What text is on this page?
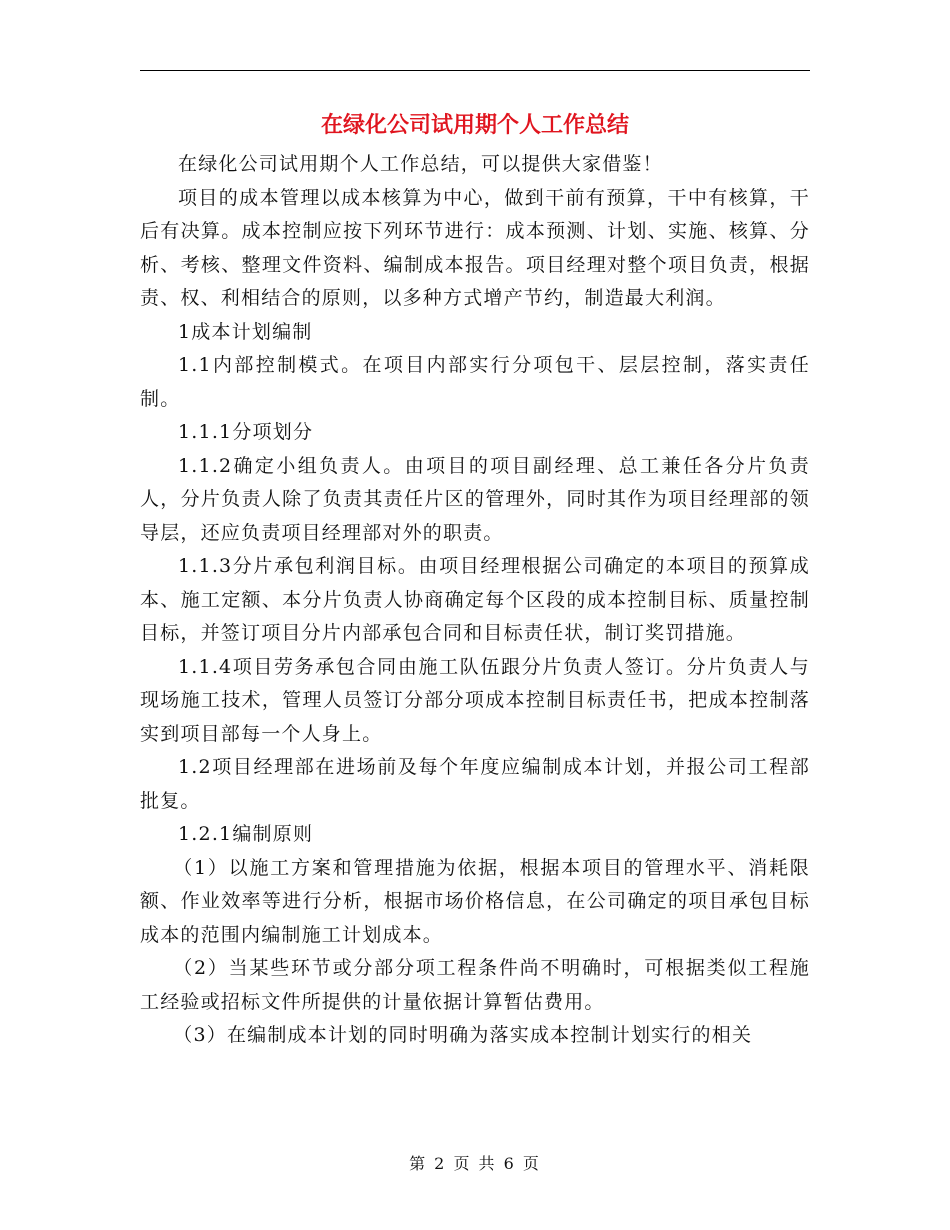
在绿化公司试用期个人工作总结

在绿化公司试用期个人工作总结，可以提供大家借鉴！

项目的成本管理以成本核算为中心，做到干前有预算，干中有核算，干后有决算。成本控制应按下列环节进行：成本预测、计划、实施、核算、分析、考核、整理文件资料、编制成本报告。项目经理对整个项目负责，根据责、权、利相结合的原则，以多种方式增产节约，制造最大利润。

1成本计划编制

1.1内部控制模式。在项目内部实行分项包干、层层控制，落实责任制。

1.1.1分项划分

1.1.2确定小组负责人。由项目的项目副经理、总工兼任各分片负责人，分片负责人除了负责其责任片区的管理外，同时其作为项目经理部的领导层，还应负责项目经理部对外的职责。

1.1.3分片承包利润目标。由项目经理根据公司确定的本项目的预算成本、施工定额、本分片负责人协商确定每个区段的成本控制目标、质量控制目标，并签订项目分片内部承包合同和目标责任状，制订奖罚措施。

1.1.4项目劳务承包合同由施工队伍跟分片负责人签订。分片负责人与现场施工技术，管理人员签订分部分项成本控制目标责任书，把成本控制落实到项目部每一个人身上。

1.2项目经理部在进场前及每个年度应编制成本计划，并报公司工程部批复。

1.2.1编制原则

（1）以施工方案和管理措施为依据，根据本项目的管理水平、消耗限额、作业效率等进行分析，根据市场价格信息，在公司确定的项目承包目标成本的范围内编制施工计划成本。

（2）当某些环节或分部分项工程条件尚不明确时，可根据类似工程施工经验或招标文件所提供的计量依据计算暂估费用。

（3）在编制成本计划的同时明确为落实成本控制计划实行的相关

第 2 页 共 6 页
